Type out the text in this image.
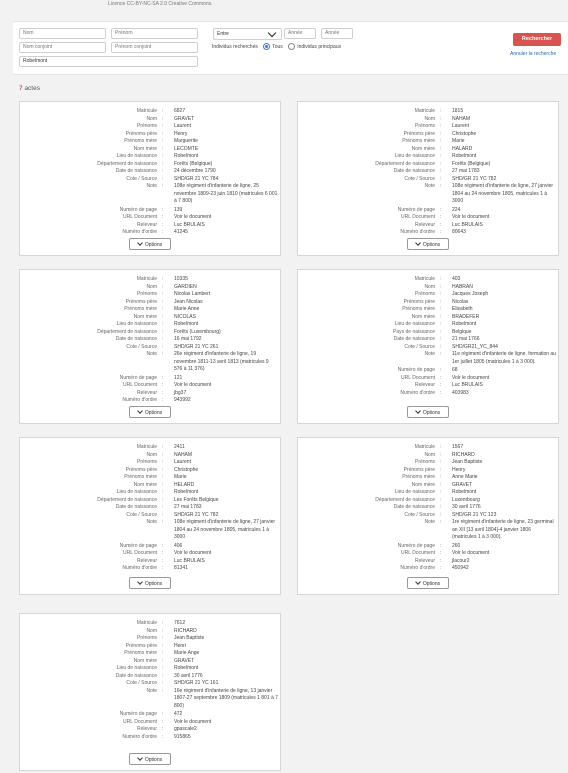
Licence CC-BY-NC-SA 2.0 Creative Commons.
Nom	Prénom
Nom conjoint	Prénom conjoint
Robelmont
Année	Année
Entre
Individus recherchés	Tous	Individus principaux
Rechercher
Annuler la recherche
7 actes
Matricule : 6827
Nom : GRAVET
Prénoms : Laurent
Prénoms père : Henry
Prénoms mère : Marguerite
Nom mère : LECOMTE
Lieu de naissance : Robelmont
Département de naissance : Forêts (Belgique)
Date de naissance : 24 décembre 1790
Cote / Source : SHD/GR 21 YC 784
Note : 108e régiment d'infanterie de ligne, 25 novembre 1809-23 juin 1810 (matricules 6 001 à 7 800)
Numéro de page : 139
URL Document : Voir le document
Releveur : Luc BRULAIS
Numéro d'ordre : 41245
Options
Matricule : 1815
Nom : NAHAM
Prénoms : Laurent
Prénoms père : Christophe
Prénoms mère : Marie
Nom mère : HALARD
Lieu de naissance : Robelmont
Département de naissance : Forêts (Belgique)
Date de naissance : 27 mai 1783
Cote / Source : SHD/GR 21 YC 782
Note : 108e régiment d'infanterie de ligne, 27 janvier 1804 au 24 novembre 1805, matricules 1 à 3000
Numéro de page : 224
URL Document : Voir le document
Releveur : Luc BRULAIS
Numéro d'ordre : 80643
Options
Matricule : 10335
Nom : GARDIEN
Prénoms : Nicolas Lambert
Prénoms père : Jean Nicolas
Prénoms mère : Marie Anne
Nom mère : NICOLAS
Lieu de naissance : Robelmont
Département de naissance : Forêts (Luxembourg)
Date de naissance : 16 mai 1792
Cote / Source : SHD/GR 21 YC 261
Note : 26e régiment d'infanterie de ligne, 19 novembre 1811-13 avril 1813 (matricules 9 576 à 11 376)
Numéro de page : 121
URL Document : Voir le document
Releveur : jbg37
Numéro d'ordre : 943992
Options
Matricule : 403
Nom : HABRAN
Prénoms : Jacques Joseph
Prénoms père : Nicolas
Prénoms mère : Elisabeth
Nom mère : BRADEFER
Lieu de naissance : Robelmont
Pays de naissance : Belgique
Date de naissance : 21 mai 1766
Cote / Source : SHD/GR21_YC_844
Note : 11e régiment d'infanterie de ligne, formation au 1er juillet 1805 (matricules 1 à 3 000).
Numéro de page : 68
URL Document : Voir le document
Releveur : Luc BRULAIS
Numéro d'ordre : 403983
Options
Matricule : 2411
Nom : NAHAM
Prénoms : Laurent
Prénoms père : Christophe
Prénoms mère : Marie
Nom mère : HELARD
Lieu de naissance : Robelmont
Département de naissance : Les Forêts Belgique
Date de naissance : 27 mai 1783
Cote / Source : SHD/GR 21 YC 782
Note : 108e régiment d'infanterie de ligne, 27 janvier 1804 au 24 novembre 1805, matricules 1 à 3000
Numéro de page : 406
URL Document : Voir le document
Releveur : Luc BRULAIS
Numéro d'ordre : 81341
Options
Matricule : 1567
Nom : RICHARD
Prénoms : Jean Baptiste
Prénoms père : Henry
Prénoms mère : Anne Marie
Nom mère : GRAVET
Lieu de naissance : Robelmont
Département de naissance : Luxembourg
Date de naissance : 30 avril 1776
Cote / Source : SHD/GR 21 YC 123
Note : 1re régiment d'infanterie de ligne, 23 germinal an XII [13 avril 1804]-4 janvier 1806 (matricules 1 à 3 000).
Numéro de page : 260
URL Document : Voir le document
Releveur : jlacour2
Numéro d'ordre : 450942
Options
Matricule : 7612
Nom : RICHARD
Prénoms : Jean Baptiste
Prénoms père : Henri
Prénoms mère : Marie Ange
Nom mère : GRAVET
Lieu de naissance : Robelmont
Date de naissance : 30 avril 1776
Cote / Source : SHD/GR 21 YC 161
Note : 16e régiment d'infanterie de ligne, 13 janvier 1807-27 septembre 1809 (matricules 1 801 à 7 800)
Numéro de page : 472
URL Document : Voir le document
Releveur : gpascale2
Numéro d'ordre : 915865
Options
